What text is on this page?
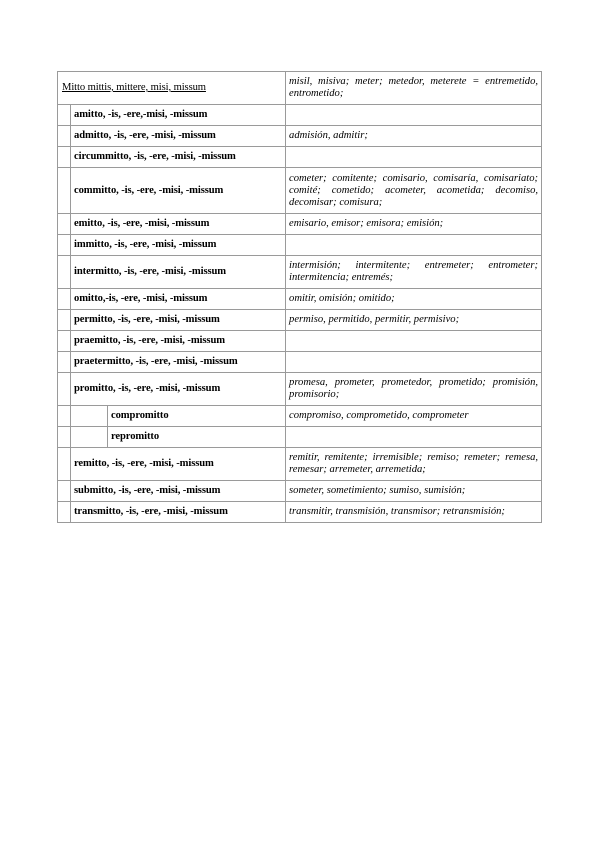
Mitto mittis, mittere, misi, missum			misil, misiva; meter; metedor, meterete = entremetido, entrometido;

	amitto, -is, -ere,-misi, -missum		

	admitto, -is, -ere, -misi, -missum		admisión, admitir;

	circummitto, -is, -ere, -misi, -missum		

	committo, -is, -ere, -misi, -missum		cometer; comitente; comisario, comisaría, comisariato; comité; cometido; acometer, acometida; decomiso, decomisar; comisura;

	emitto, -is, -ere, -misi, -missum		emisario, emisor; emisora; emisión;

	immitto, -is, -ere, -misi, -missum		

	intermitto, -is, -ere, -misi, -missum		intermisión; intermitente; entremeter; entrometer; intermitencia; entremés;

	omitto,-is, -ere, -misi, -missum		omitir, omisión; omitido;

	permitto, -is, -ere, -misi, -missum		permiso, permitido, permitir, permisivo;

	praemitto, -is, -ere, -misi, -missum		

	praetermitto, -is, -ere, -misi, -missum		

	promitto, -is, -ere, -misi, -missum		promesa, prometer, prometedor, prometido; promisión, promisorio;

		compromitto	compromiso, comprometido, comprometer

		repromitto	

	remitto, -is, -ere, -misi, -missum		remitir, remitente; irremisible; remiso; remeter; remesa, remesar; arremeter, arremetida;

	submitto, -is, -ere, -misi, -missum		someter, sometimiento; sumiso, sumisión;

	transmitto, -is, -ere, -misi, -missum		transmitir, transmisión, transmisor; retransmisión;
